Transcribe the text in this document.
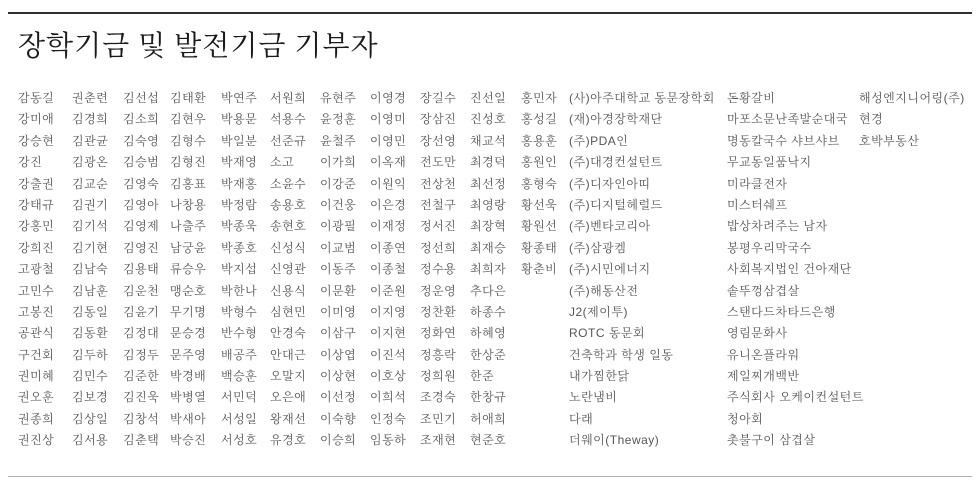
장학기금 및 발전기금 기부자
감동길
강미애
강승현
강진
강출권
강태규
강홍민
강희진
고광철
고민수
고봉진
공관식
구건회
권미혜
권오훈
권종희
권진상
권춘련
김경희
김관균
김광온
김교순
김권기
김기석
김기현
김남숙
김남훈
김동일
김동환
김두하
김민수
김보경
김상일
김서용
김선섭
김소희
김숙영
김승범
김영숙
김영아
김영제
김영진
김용태
김운천
김윤기
김정대
김정두
김준한
김진욱
김창석
김춘택
김태환
김현우
김형수
김형진
김홍표
나창용
나출주
남궁윤
류승우
맹순호
무기명
문승경
문주영
박경배
박병열
박새아
박승진
박연주
박용문
박일분
박재영
박재홍
박정람
박종욱
박종호
박지섭
박한나
박형수
반수형
배공주
백승훈
서민덕
서성일
서성호
서원희
석용수
선준규
소고
소윤수
송용호
송현호
신성식
신영관
신용식
심현민
안경숙
안대근
오말지
오은애
왕재선
유경호
유현주
윤정훈
윤철주
이가희
이강준
이건웅
이광필
이교범
이동주
이문환
이미영
이삼구
이상엽
이상현
이선정
이숙향
이승희
이영경
이영미
이영민
이옥재
이원익
이은경
이재정
이종연
이종철
이준원
이지영
이지현
이진석
이호상
이희석
인정숙
임동하
장길수
장삼진
장선영
전도만
전상천
전철구
정서진
정선희
정수용
정운영
정찬환
정화연
정흥락
정희원
조경숙
조민기
조재현
진선일
진성호
채교석
최경덕
최선정
최영랑
최장혁
최재승
최희자
추다은
하종수
하혜영
한상준
한준
한창규
허애희
현준호
홍민자
홍성길
홍용훈
홍원인
홍형숙
황선욱
황원선
황종태
황춘비
(사)아주대학교 동문장학회
(재)아경장학재단
(주)PDA인
(주)대경컨설턴트
(주)디자인아띠
(주)디지털헤럴드
(주)벤타코리아
(주)삼광켐
(주)시민에너지
(주)해동산전
J2(제이투)
ROTC 동문회
건축학과 학생 일동
내가찜한닭
노란냄비
다래
더웨이(Theway)
돈황갈비
마포소문난족발순대국
명동칼국수 샤브샤브
무교동일품낙지
미라클전자
미스터쉐프
밥상차려주는 남자
봉평우리막국수
사회복지법인 건아재단
솥뚜껑삼겹살
스탠다드차타드은행
영림문화사
유니온플라워
제일찌개백반
주식회사 오케이컨설턴트
청아회
촛불구이 삼겹살
해성엔지니어링(주)
현경
호박부동산
